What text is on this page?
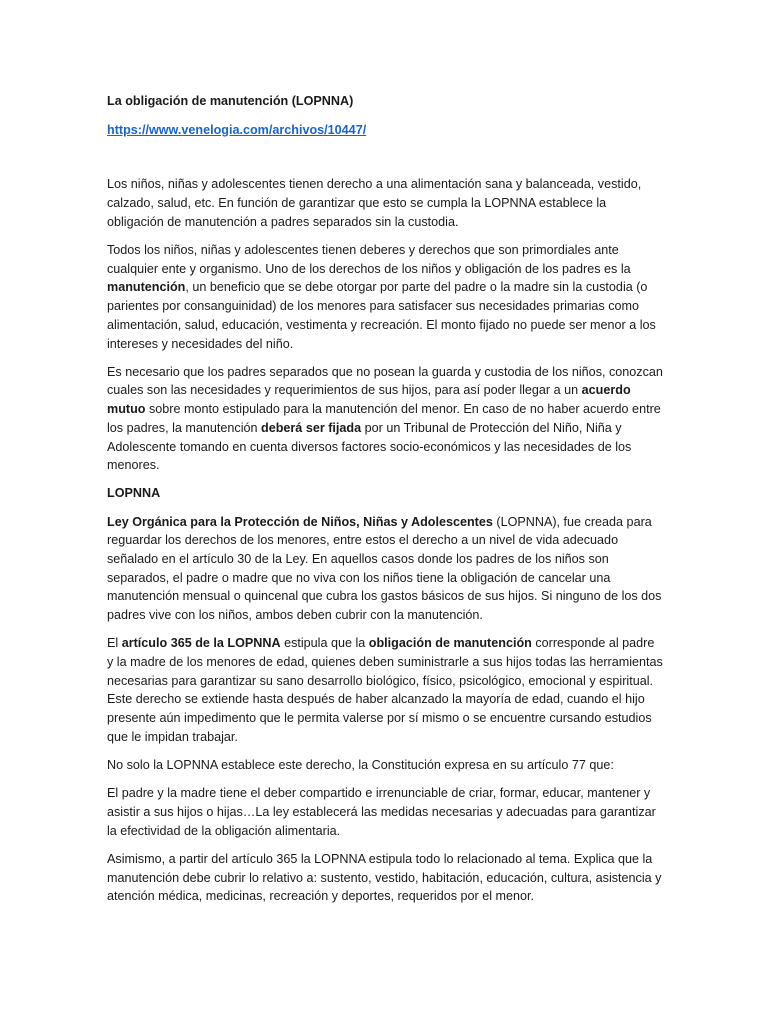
La obligación de manutención (LOPNNA)
https://www.venelogia.com/archivos/10447/

Los niños, niñas y adolescentes tienen derecho a una alimentación sana y balanceada, vestido, calzado, salud, etc. En función de garantizar que esto se cumpla la LOPNNA establece la obligación de manutención a padres separados sin la custodia.

Todos los niños, niñas y adolescentes tienen deberes y derechos que son primordiales ante cualquier ente y organismo. Uno de los derechos de los niños y obligación de los padres es la manutención, un beneficio que se debe otorgar por parte del padre o la madre sin la custodia (o parientes por consanguinidad) de los menores para satisfacer sus necesidades primarias como alimentación, salud, educación, vestimenta y recreación. El monto fijado no puede ser menor a los intereses y necesidades del niño.

Es necesario que los padres separados que no posean la guarda y custodia de los niños, conozcan cuales son las necesidades y requerimientos de sus hijos, para así poder llegar a un acuerdo mutuo sobre monto estipulado para la manutención del menor. En caso de no haber acuerdo entre los padres, la manutención deberá ser fijada por un Tribunal de Protección del Niño, Niña y Adolescente tomando en cuenta diversos factores socio-económicos y las necesidades de los menores.

LOPNNA

Ley Orgánica para la Protección de Niños, Niñas y Adolescentes (LOPNNA), fue creada para reguardar los derechos de los menores, entre estos el derecho a un nivel de vida adecuado señalado en el artículo 30 de la Ley. En aquellos casos donde los padres de los niños son separados, el padre o madre que no viva con los niños tiene la obligación de cancelar una manutención mensual o quincenal que cubra los gastos básicos de sus hijos. Si ninguno de los dos padres vive con los niños, ambos deben cubrir con la manutención.

El artículo 365 de la LOPNNA estipula que la obligación de manutención corresponde al padre y la madre de los menores de edad, quienes deben suministrarle a sus hijos todas las herramientas necesarias para garantizar su sano desarrollo biológico, físico, psicológico, emocional y espiritual. Este derecho se extiende hasta después de haber alcanzado la mayoría de edad, cuando el hijo presente aún impedimento que le permita valerse por sí mismo o se encuentre cursando estudios que le impidan trabajar.

No solo la LOPNNA establece este derecho, la Constitución expresa en su artículo 77 que:

El padre y la madre tiene el deber compartido e irrenunciable de criar, formar, educar, mantener y asistir a sus hijos o hijas…La ley establecerá las medidas necesarias y adecuadas para garantizar la efectividad de la obligación alimentaria.

Asimismo, a partir del artículo 365 la LOPNNA estipula todo lo relacionado al tema. Explica que la manutención debe cubrir lo relativo a: sustento, vestido, habitación, educación, cultura, asistencia y atención médica, medicinas, recreación y deportes, requeridos por el menor.
